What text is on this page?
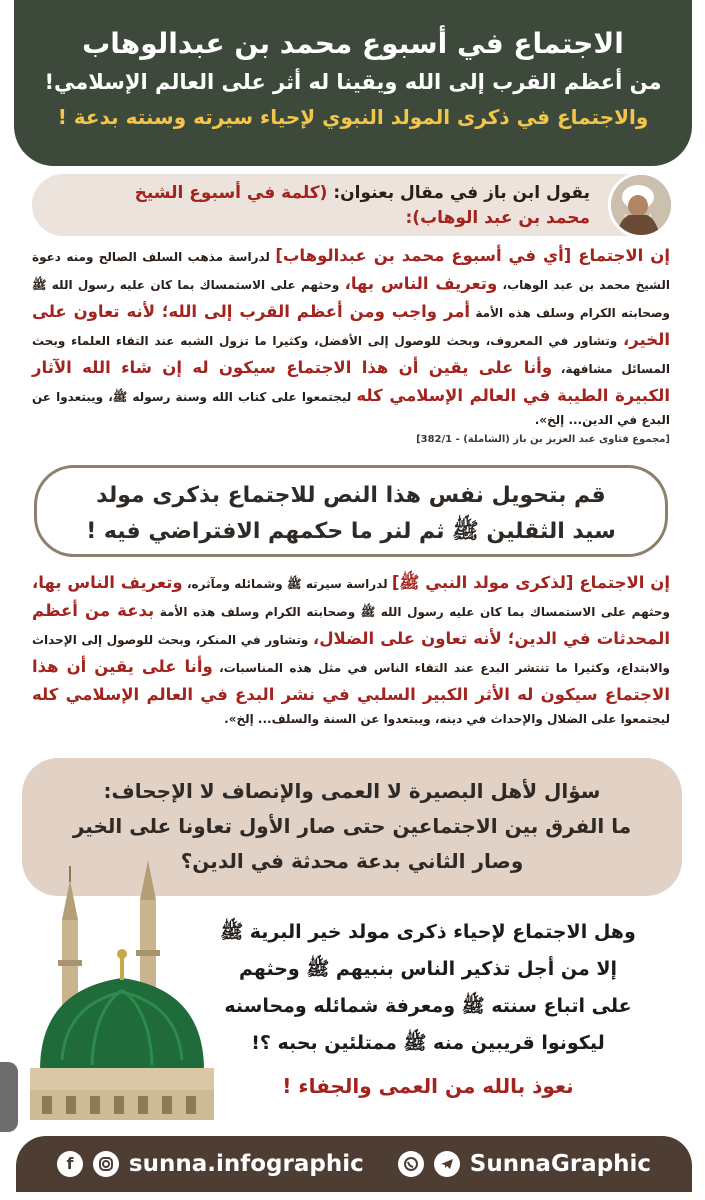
الاجتماع في أسبوع محمد بن عبدالوهاب
من أعظم القرب إلى الله ويقينا له أثر على العالم الإسلامي!
والاجتماع في ذكرى المولد النبوي لإحياء سيرته وسنته بدعة !
يقول ابن باز في مقال بعنوان: (كلمة في أسبوع الشيخ
محمد بن عبد الوهاب):
إن الاجتماع [أي في أسبوع محمد بن عبدالوهاب] لدراسة مذهب السلف الصالح ومنه دعوة الشيخ محمد بن عبد الوهاب، وتعريف الناس بها، وحثهم على الاستمساك بما كان عليه رسول الله ﷺ وصحابته الكرام وسلف هذه الأمة أمر واجب ومن أعظم القرب إلى الله؛ لأنه تعاون على الخير، وتشاور في المعروف، وبحث للوصول إلى الأفضل، وكثيرا ما تزول الشبه عند التقاء العلماء وبحث المسائل مشافهة، وأنا على يقين أن هذا الاجتماع سيكون له إن شاء الله الآثار الكبيرة الطيبة في العالم الإسلامي كله ليجتمعوا على كتاب الله وسنة رسوله ﷺ، ويبتعدوا عن البدع في الدين... إلخ».
[مجموع فتاوى عبد العزيز بن باز (الشاملة) - 382/1]
قم بتحويل نفس هذا النص للاجتماع بذكرى مولد
سيد الثقلين ﷺ ثم لنر ما حكمهم الافتراضي فيه !
إن الاجتماع [لذكرى مولد النبي ﷺ] لدراسة سيرته ﷺ وشمائله ومآثره، وتعريف الناس بها، وحثهم على الاستمساك بما كان عليه رسول الله ﷺ وصحابته الكرام وسلف هذه الأمة بدعة من أعظم المحدثات في الدين؛ لأنه تعاون على الضلال، وتشاور في المنكر، وبحث للوصول إلى الإحداث والابتداع، وكثيرا ما تنتشر البدع عند التقاء الناس في مثل هذه المناسبات، وأنا على يقين أن هذا الاجتماع سيكون له الأثر الكبير السلبي في نشر البدع في العالم الإسلامي كله ليجتمعوا على الضلال والإحداث في دينه، ويبتعدوا عن السنة والسلف... إلخ».
سؤال لأهل البصيرة لا العمى والإنصاف لا الإجحاف:
ما الفرق بين الاجتماعين حتى صار الأول تعاونا على الخير
وصار الثاني بدعة محدثة في الدين؟
وهل الاجتماع لإحياء ذكرى مولد خير البرية ﷺ
إلا من أجل تذكير الناس بنبيهم ﷺ وحثهم
على اتباع سنته ﷺ ومعرفة شمائله ومحاسنه
ليكونوا قريبين منه ﷺ ممتلئين بحبه ؟!
نعوذ بالله من العمى والجفاء !
f	sunna.infographic	SunnaGraphic
